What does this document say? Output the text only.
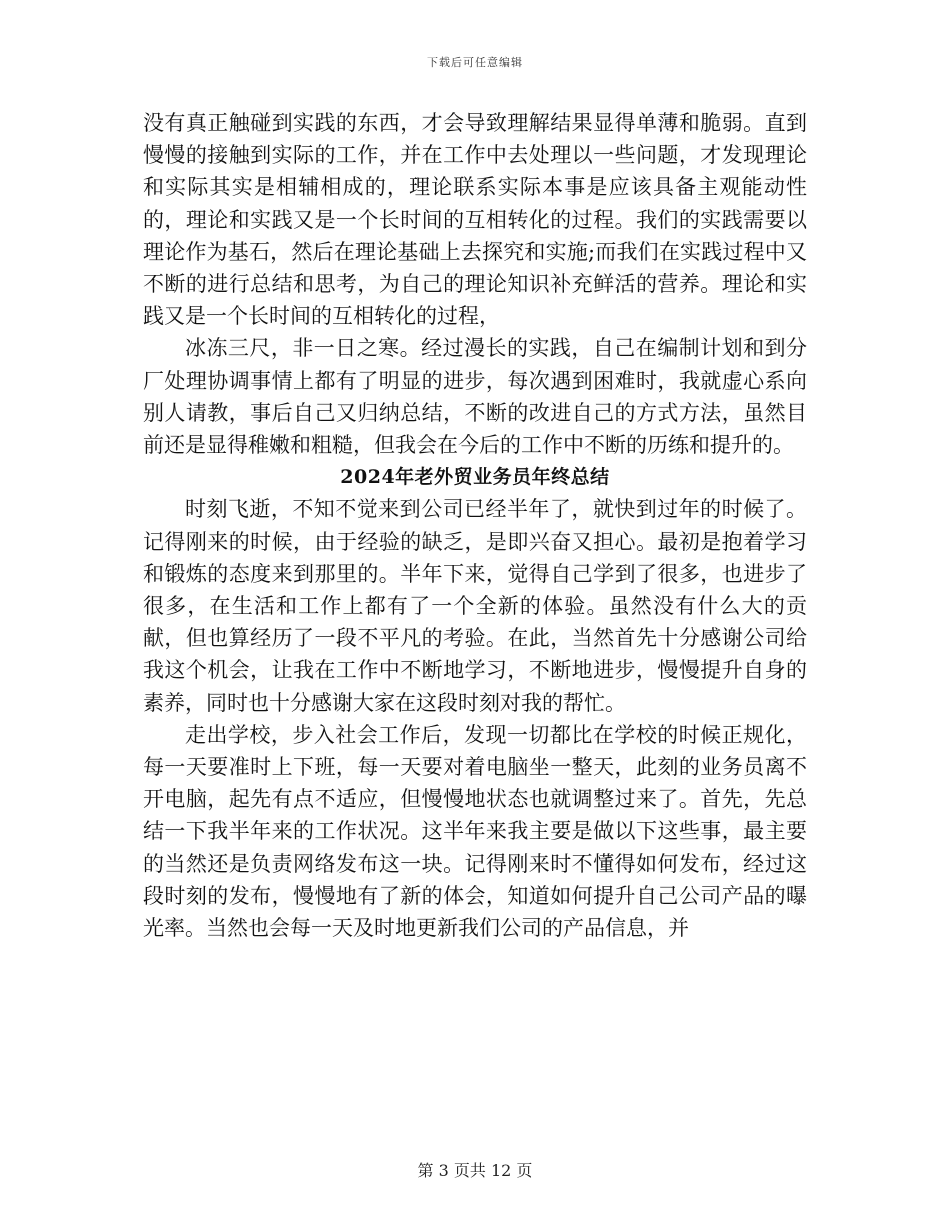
下载后可任意编辑

没有真正触碰到实践的东西，才会导致理解结果显得单薄和脆弱。直到慢慢的接触到实际的工作，并在工作中去处理以一些问题，才发现理论和实际其实是相辅相成的，理论联系实际本事是应该具备主观能动性的，理论和实践又是一个长时间的互相转化的过程。我们的实践需要以理论作为基石，然后在理论基础上去探究和实施;而我们在实践过程中又不断的进行总结和思考，为自己的理论知识补充鲜活的营养。理论和实践又是一个长时间的互相转化的过程，

冰冻三尺，非一日之寒。经过漫长的实践，自己在编制计划和到分厂处理协调事情上都有了明显的进步，每次遇到困难时，我就虚心系向别人请教，事后自己又归纳总结，不断的改进自己的方式方法，虽然目前还是显得稚嫩和粗糙，但我会在今后的工作中不断的历练和提升的。

2024年老外贸业务员年终总结

时刻飞逝，不知不觉来到公司已经半年了，就快到过年的时候了。记得刚来的时候，由于经验的缺乏，是即兴奋又担心。最初是抱着学习和锻炼的态度来到那里的。半年下来，觉得自己学到了很多，也进步了很多，在生活和工作上都有了一个全新的体验。虽然没有什么大的贡献，但也算经历了一段不平凡的考验。在此，当然首先十分感谢公司给我这个机会，让我在工作中不断地学习，不断地进步，慢慢提升自身的素养，同时也十分感谢大家在这段时刻对我的帮忙。

走出学校，步入社会工作后，发现一切都比在学校的时候正规化，每一天要准时上下班，每一天要对着电脑坐一整天，此刻的业务员离不开电脑，起先有点不适应，但慢慢地状态也就调整过来了。首先，先总结一下我半年来的工作状况。这半年来我主要是做以下这些事，最主要的当然还是负责网络发布这一块。记得刚来时不懂得如何发布，经过这段时刻的发布，慢慢地有了新的体会，知道如何提升自己公司产品的曝光率。当然也会每一天及时地更新我们公司的产品信息，并

第 3 页共 12 页
